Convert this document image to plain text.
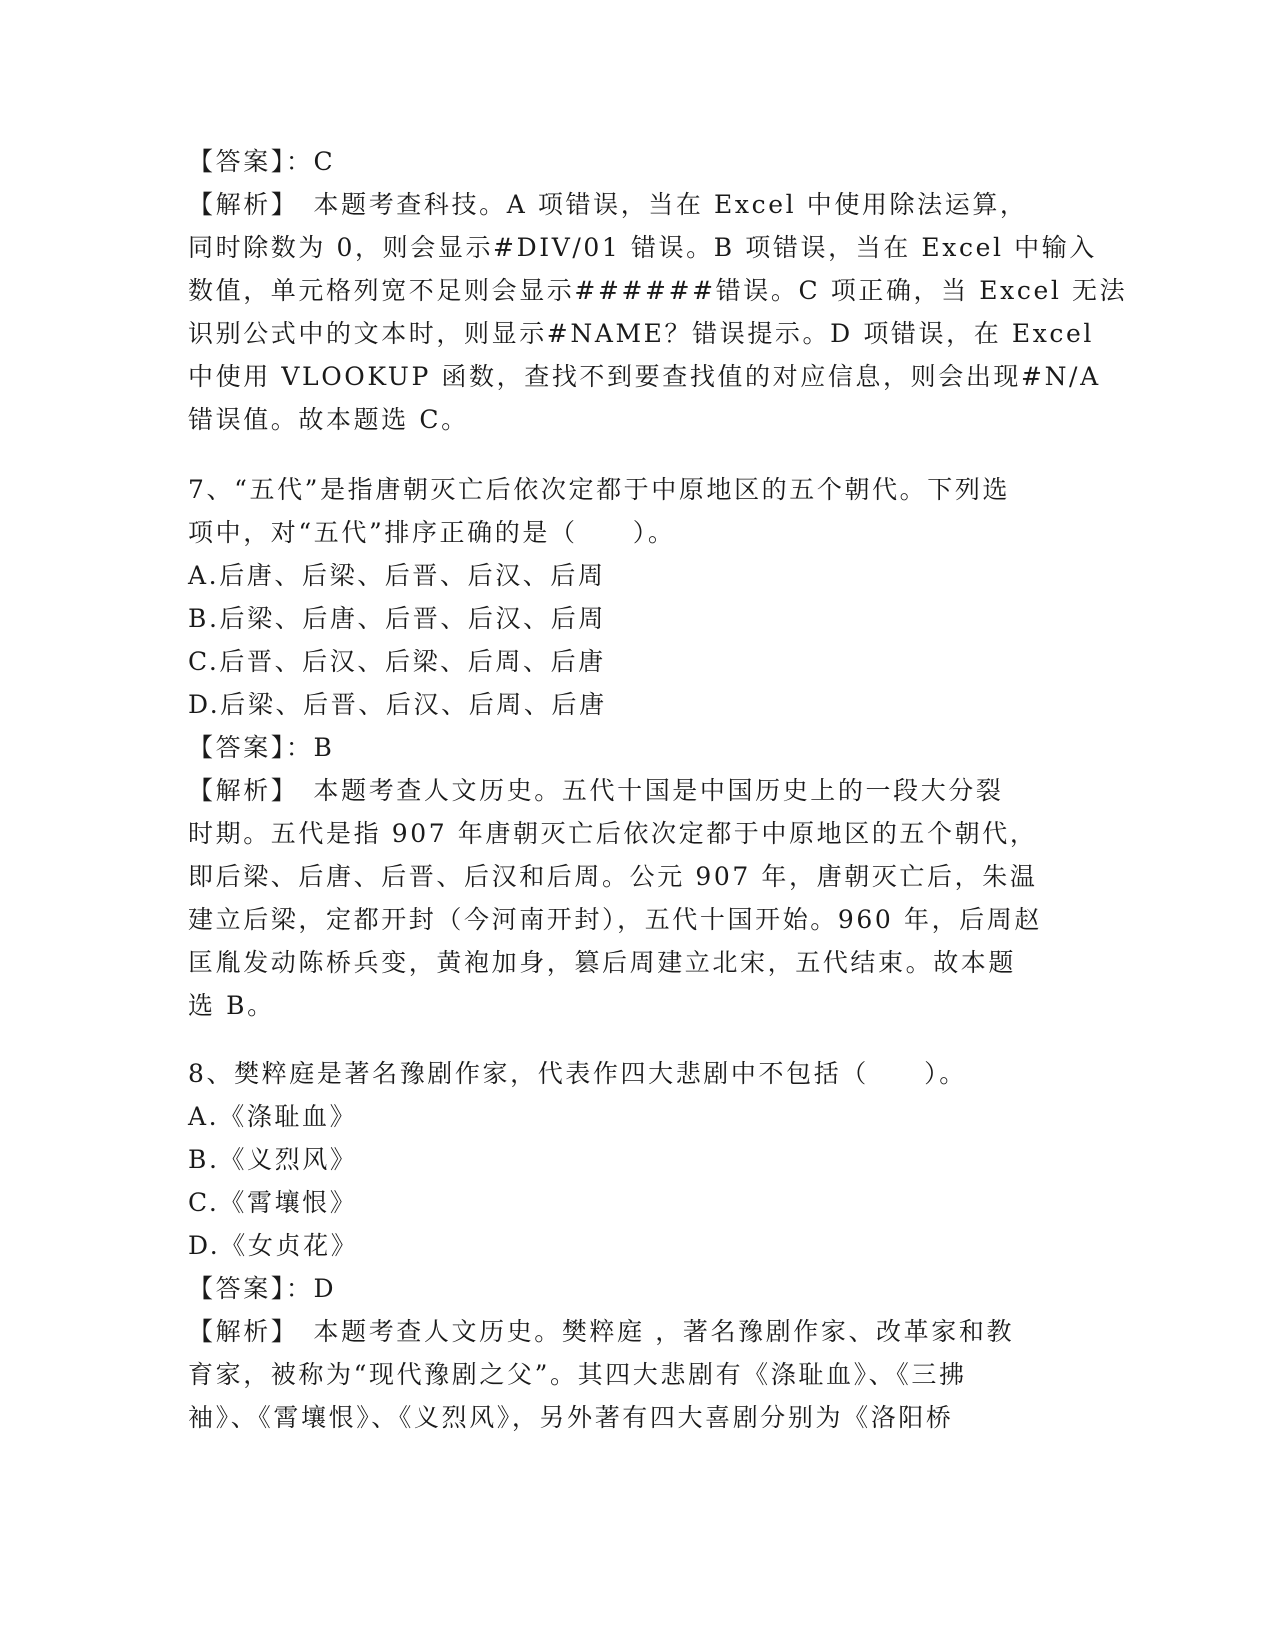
【答案】：C
【解析】　本题考查科技。A 项错误，当在 Excel 中使用除法运算，
同时除数为 0，则会显示#DIV/01 错误。B 项错误，当在 Excel 中输入
数值，单元格列宽不足则会显示######错误。C 项正确，当 Excel 无法
识别公式中的文本时，则显示#NAME？错误提示。D 项错误，在 Excel
中使用 VLOOKUP 函数，查找不到要查找值的对应信息，则会出现#N/A
错误值。故本题选 C。
7、“五代”是指唐朝灭亡后依次定都于中原地区的五个朝代。下列选
项中，对“五代”排序正确的是（　　）。
A.后唐、后梁、后晋、后汉、后周
B.后梁、后唐、后晋、后汉、后周
C.后晋、后汉、后梁、后周、后唐
D.后梁、后晋、后汉、后周、后唐
【答案】：B
【解析】　本题考查人文历史。五代十国是中国历史上的一段大分裂
时期。五代是指 907 年唐朝灭亡后依次定都于中原地区的五个朝代，
即后梁、后唐、后晋、后汉和后周。公元 907 年，唐朝灭亡后，朱温
建立后梁，定都开封（今河南开封），五代十国开始。960 年，后周赵
匡胤发动陈桥兵变，黄袍加身，篡后周建立北宋，五代结束。故本题
选 B。
8、樊粹庭是著名豫剧作家，代表作四大悲剧中不包括（　　）。
A.《涤耻血》
B.《义烈风》
C.《霄壤恨》
D.《女贞花》
【答案】：D
【解析】　本题考查人文历史。樊粹庭 ，著名豫剧作家、改革家和教
育家，被称为“现代豫剧之父”。其四大悲剧有《涤耻血》、《三拂
袖》、《霄壤恨》、《义烈风》，另外著有四大喜剧分别为《洛阳桥
